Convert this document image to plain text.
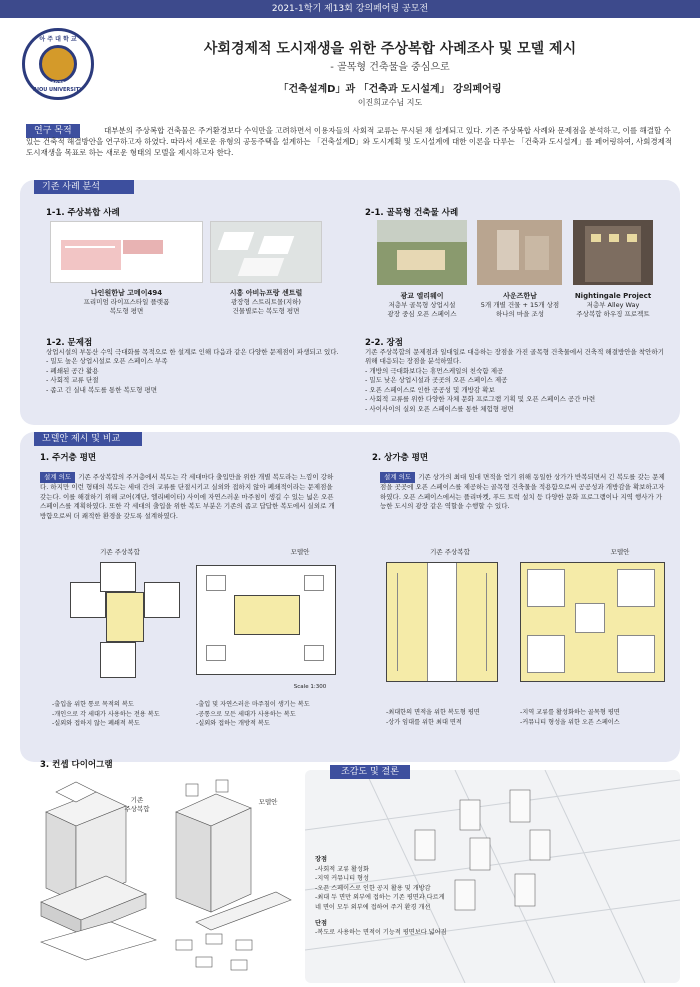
2021-1학기 제13회 강의페어링 공모전
아 주 대 학 교
1973
AJOU UNIVERSITY
사회경제적 도시재생을 위한 주상복합 사례조사 및 모델 제시
- 골목형 건축물을 중심으로
「건축설계D」과 「건축과 도시설계」 강의페어링
이진희교수님 지도
연구 목적	대부분의 주상복합 건축물은 주거환경보다 수익만을 고려하면서 이용자들의 사회적 교류는 무시된 채 설계되고 있다. 기존 주상복합 사례와 문제점을 분석하고, 이를 해결할 수 있는 건축적 해결방안을 연구하고자 하였다. 따라서 새로운 유형의 공동주택을 설계하는 「건축설계D」와 도시계획 및 도시설계에 대한 이론을 다루는 「건축과 도시설계」를 페어링하여, 사회경제적 도시재생을 목표로 하는 새로운 형태의 모델을 제시하고자 한다.
기존 사례 분석
1-1. 주상복합 사례
나인원한남 고메이494
프리미엄 라이프스타일 플랫폼
복도형 평면
시흥 아비뉴프랑 센트럴
광장형 스트리트몰(지하)
건물별로는 복도형 평면
2-1. 골목형 건축물 사례
광교 엘리웨이
저층부 골목형 상업시설
광장 중심 오픈 스페이스
사운즈한남
5개 개별 건물 + 15개 상점
하나의 마을 조성
Nightingale Project
저층부 Alley Way
주상복합 하우징 프로젝트
1-2. 문제점
상업시설의 부동산 수익 극대화를 목적으로 한 설계로 인해 다음과 같은 다양한 문제점이 파생되고 있다.
- 밀도 높은 상업시설로 오픈 스페이스 부족
- 폐쇄된 공간 활용
- 사회적 교류 단절
- 좁고 긴 실내 복도를 통한 복도형 평면
2-2. 장점
기존 주상복합의 문제점과 일대일로 대응하는 장점을 가진 골목형 건축물에서 건축적 해결방안을 착안하기 위해 대응되는 장점을 분석하였다.
- 개방의 극대화보다는 휴먼스케일의 친숙함 제공
- 밀도 낮은 상업시설과 곳곳의 오픈 스페이스 제공
- 오픈 스페이스로 인한 공공성 및 개방감 확보
- 사회적 교류를 위한 다양한 자체 문화 프로그램 기획 및 오픈 스페이스 공간 마련
- 사이사이의 실외 오픈 스페이스를 통한 체험형 평면
모델안 제시 및 비교
1. 주거층 평면
설계 의도 기존 주상복합의 주거층에서 복도는 각 세대마다 출입만을 위한 개별 복도라는 느낌이 강하다. 하지만 이런 형태의 복도는 세대 간의 교류를 단절시키고 실외와 접하지 않아 폐쇄적이라는 문제점을 갖는다. 이를 해결하기 위해 코어(계단, 엘리베이터) 사이에 자연스러운 마주침이 생길 수 있는 넓은 오픈 스페이스를 계획하였다. 또한 각 세대의 출입을 위한 복도 부분은 기존의 좁고 답답한 복도에서 실외로 개방함으로써 더 쾌적한 환경을 갖도록 설계하였다.
2. 상가층 평면
설계 의도 기존 상가의 최대 임대 면적을 얻기 위해 동일한 상가가 반복되면서 긴 복도를 갖는 문제점을 곳곳에 오픈 스페이스를 제공하는 골목형 건축물을 적용함으로써 공공성과 개방감을 확보하고자 하였다. 오픈 스페이스에서는 플리마켓, 푸드 트럭 설치 등 다양한 문화 프로그램이나 지역 행사가 가능한 도시의 광장 같은 역할을 수행할 수 있다.
기존 주상복합	모델안
Scale 1:300
-출입을 위한 통로 목적의 복도
-개인으로 각 세대가 사용하는 전용 복도
-실외와 접하지 않는 폐쇄적 복도
-출입 및 자연스러운 마주침이 생기는 복도
-공통으로 모든 세대가 사용하는 복도
-실외와 접하는 개방적 복도
기존 주상복합	모델안
-최대한의 면적을 위한 복도형 평면
-상가 임대를 위한 최대 면적
-지역 교류를 활성화하는 골목형 평면
-커뮤니티 형성을 위한 오픈 스페이스
3. 컨셉 다이어그램
기존
주상복합
모델안
조감도 및 결론
장점
-사회적 교류 활성화
-지역 커뮤니티 형성
-오픈 스페이스로 인한 공지 활용 및 개방감
-최대 두 면만 외부에 접하는 기존 평면과 다르게
네 면이 모두 외부에 접하여 주거 환경 개선
단점
-복도로 사용하는 면적이 기능적 평면보다 넓어짐
